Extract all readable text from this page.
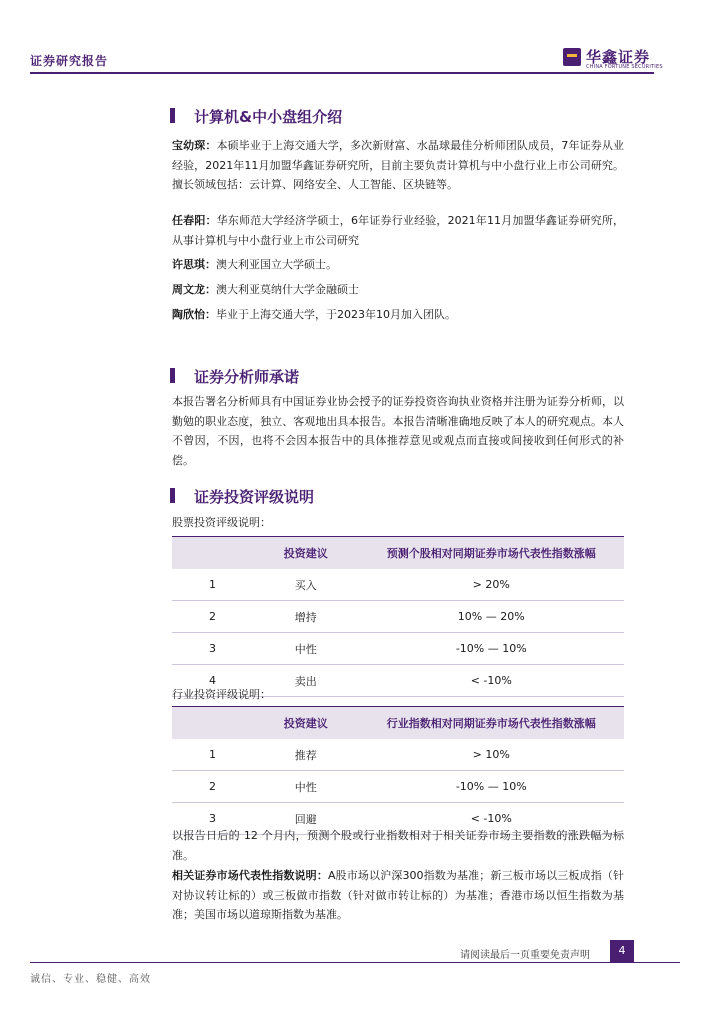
证券研究报告	华鑫证券
CHINA FORTUNE SECURITIES
计算机&中小盘组介绍
宝幼琛：本硕毕业于上海交通大学，多次新财富、水晶球最佳分析师团队成员，7年证券从业经验，2021年11月加盟华鑫证券研究所，目前主要负责计算机与中小盘行业上市公司研究。擅长领域包括：云计算、网络安全、人工智能、区块链等。
任春阳：华东师范大学经济学硕士，6年证券行业经验，2021年11月加盟华鑫证券研究所，从事计算机与中小盘行业上市公司研究
许思琪：澳大利亚国立大学硕士。
周文龙：澳大利亚莫纳什大学金融硕士
陶欣怡：毕业于上海交通大学，于2023年10月加入团队。
证券分析师承诺
本报告署名分析师具有中国证券业协会授予的证券投资咨询执业资格并注册为证券分析师，以勤勉的职业态度，独立、客观地出具本报告。本报告清晰准确地反映了本人的研究观点。本人不曾因，不因，也将不会因本报告中的具体推荐意见或观点而直接或间接收到任何形式的补偿。
证券投资评级说明
股票投资评级说明：
	投资建议	预测个股相对同期证券市场代表性指数涨幅
1	买入	> 20%
2	增持	10% — 20%
3	中性	-10% — 10%
4	卖出	< -10%
行业投资评级说明：
	投资建议	行业指数相对同期证券市场代表性指数涨幅
1	推荐	> 10%
2	中性	-10% — 10%
3	回避	< -10%
以报告日后的 12 个月内，预测个股或行业指数相对于相关证券市场主要指数的涨跌幅为标准。
相关证券市场代表性指数说明：A股市场以沪深300指数为基准；新三板市场以三板成指（针对协议转让标的）或三板做市指数（针对做市转让标的）为基准；香港市场以恒生指数为基准；美国市场以道琼斯指数为基准。
请阅读最后一页重要免责声明	4
诚信、专业、稳健、高效
